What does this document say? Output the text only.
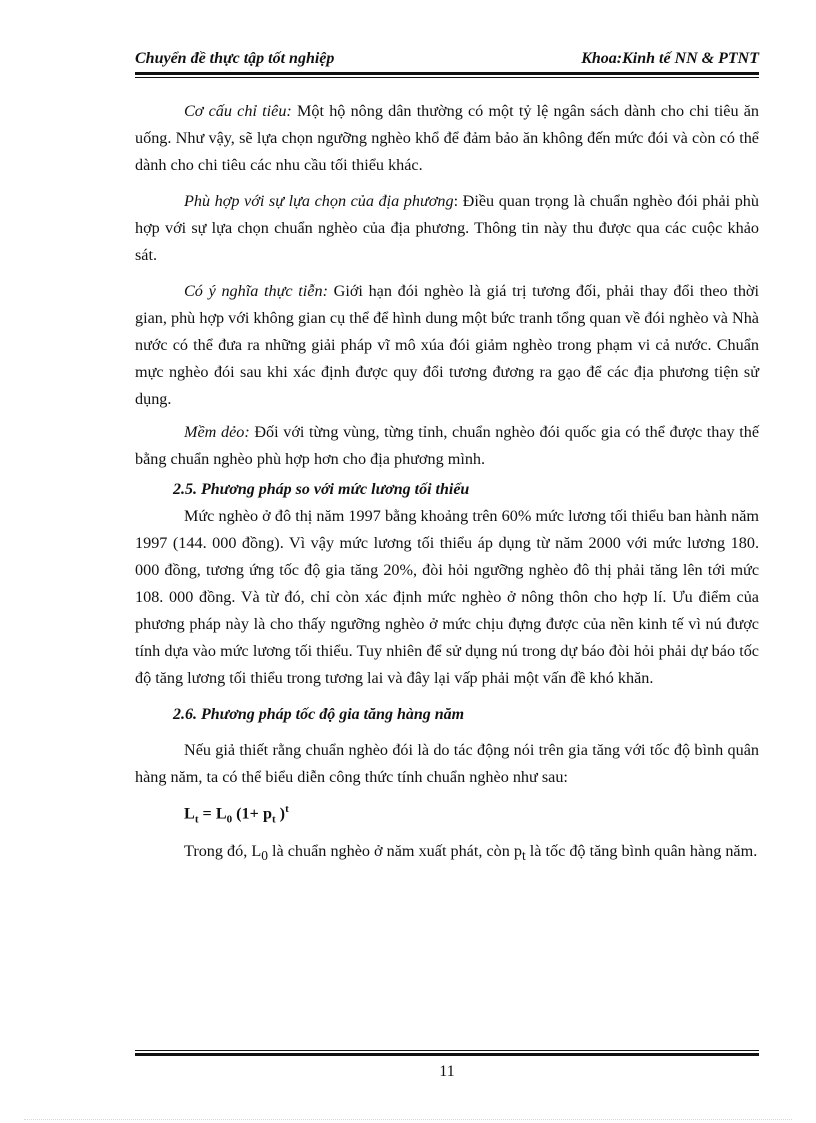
Chuyển đề thực tập tốt nghiệp	Khoa:Kinh tế NN & PTNT

Cơ cấu chỉ tiêu: Một hộ nông dân thường có một tỷ lệ ngân sách dành cho chi tiêu ăn uống. Như vậy, sẽ lựa chọn ngưỡng nghèo khổ để đảm bảo ăn không đến mức đói và còn có thể dành cho chi tiêu các nhu cầu tối thiểu khác.

Phù hợp với sự lựa chọn của địa phương: Điều quan trọng là chuẩn nghèo đói phải phù hợp với sự lựa chọn chuẩn nghèo của địa phương. Thông tin này thu được qua các cuộc khảo sát.

Có ý nghĩa thực tiễn: Giới hạn đói nghèo là giá trị tương đối, phải thay đổi theo thời gian, phù hợp với không gian cụ thể để hình dung một bức tranh tổng quan về đói nghèo và Nhà nước có thể đưa ra những giải pháp vĩ mô xúa đói giảm nghèo trong phạm vi cả nước. Chuẩn mực nghèo đói sau khi xác định được quy đổi tương đương ra gạo để các địa phương tiện sử dụng.

Mềm dẻo: Đối với từng vùng, từng tỉnh, chuẩn nghèo đói quốc gia có thể được thay thế bằng chuẩn nghèo phù hợp hơn cho địa phương mình.

2.5. Phương pháp so với mức lương tối thiểu

Mức nghèo ở đô thị năm 1997 bằng khoảng trên 60% mức lương tối thiểu ban hành năm 1997 (144. 000 đồng). Vì vậy mức lương tối thiểu áp dụng từ năm 2000 với mức lương 180. 000 đồng, tương ứng tốc độ gia tăng 20%, đòi hỏi ngưỡng nghèo đô thị phải tăng lên tới mức 108. 000 đồng. Và từ đó, chỉ còn xác định mức nghèo ở nông thôn cho hợp lí. Ưu điểm của phương pháp này là cho thấy ngưỡng nghèo ở mức chịu đựng được của nền kinh tế vì nú được tính dựa vào mức lương tối thiểu. Tuy nhiên để sử dụng nú trong dự báo đòi hỏi phải dự báo tốc độ tăng lương tối thiểu trong tương lai và đây lại vấp phải một vấn đề khó khăn.

2.6. Phương pháp tốc độ gia tăng hàng năm

Nếu giả thiết rằng chuẩn nghèo đói là do tác động nói trên gia tăng với tốc độ bình quân hàng năm, ta có thể biểu diễn công thức tính chuẩn nghèo như sau:

$L_t = L_0$ ($1+ p_t$ )$^t$

Trong đó, $L_0$ là chuẩn nghèo ở năm xuất phát, còn $p_t$ là tốc độ tăng bình quân hàng năm.

11
